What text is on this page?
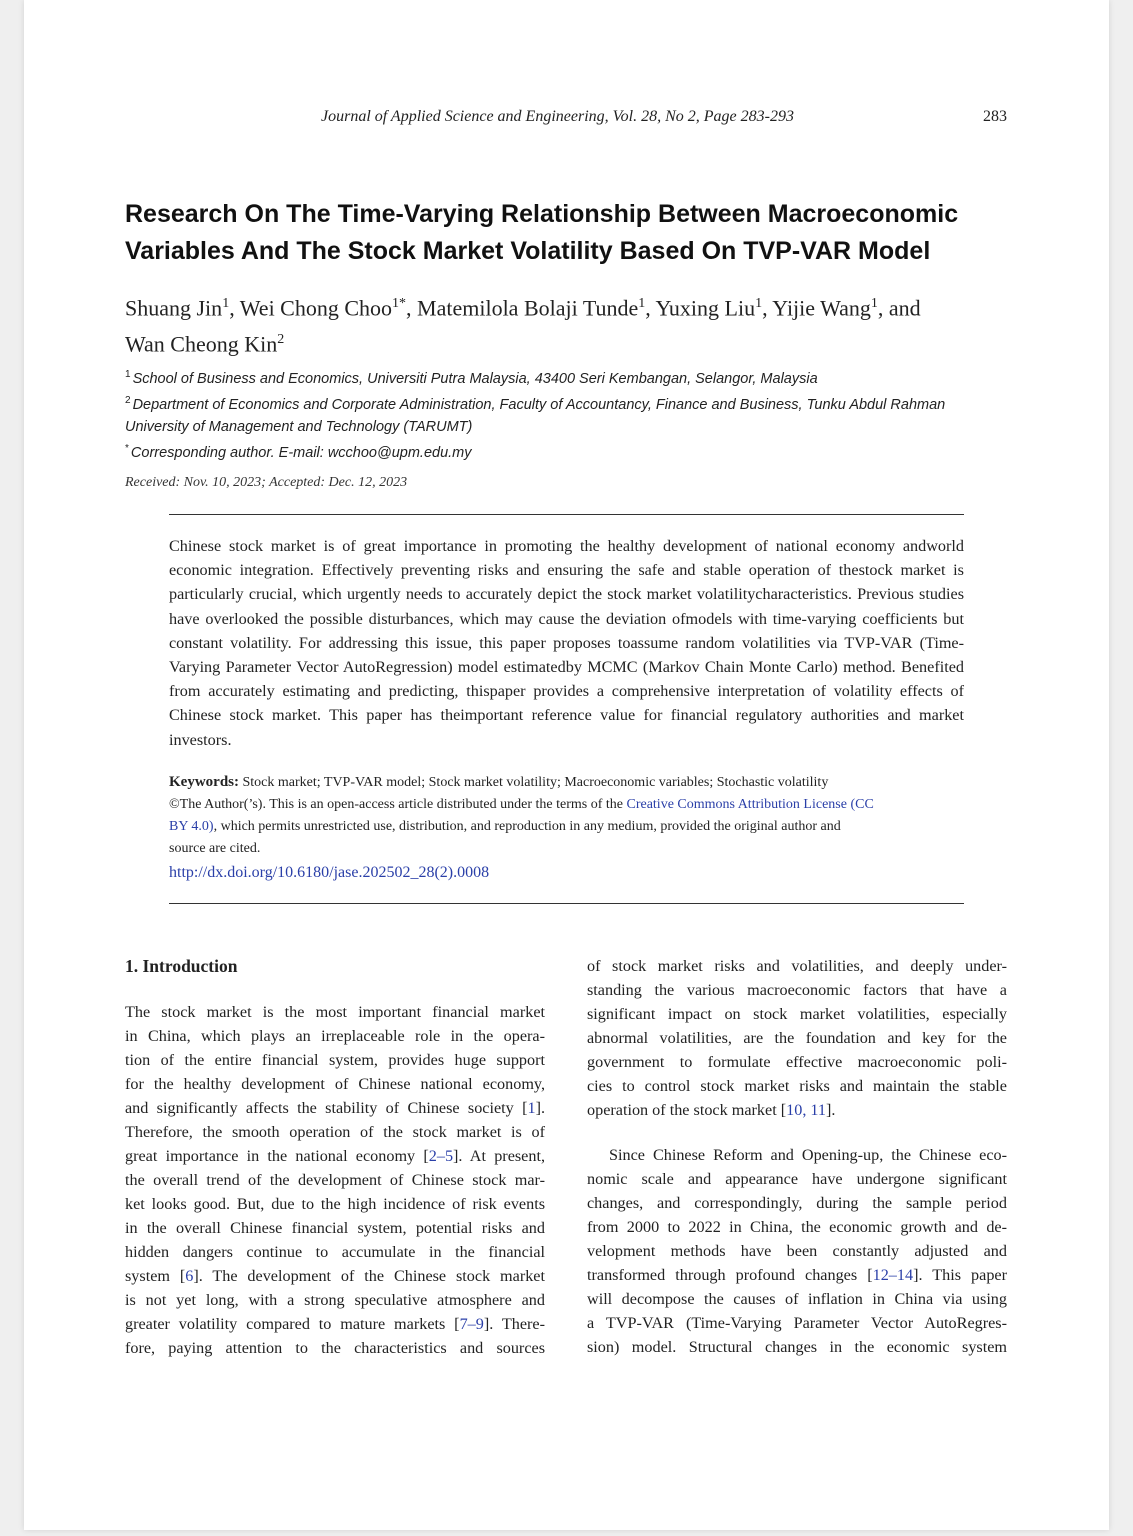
Journal of Applied Science and Engineering, Vol. 28, No 2, Page 283-293	283
Research On The Time-Varying Relationship Between Macroeconomic
Variables And The Stock Market Volatility Based On TVP-VAR Model
Shuang Jin$^1$, Wei Chong Choo$^{1*}$, Matemilola Bolaji Tunde$^1$, Yuxing Liu$^1$, Yijie Wang$^1$, and
Wan Cheong Kin$^2$
$^1$ School of Business and Economics, Universiti Putra Malaysia, 43400 Seri Kembangan, Selangor, Malaysia
$^2$ Department of Economics and Corporate Administration, Faculty of Accountancy, Finance and Business, Tunku Abdul Rahman
University of Management and Technology (TARUMT)
* Corresponding author. E-mail: wcchoo@upm.edu.my
Received: Nov. 10, 2023; Accepted: Dec. 12, 2023
Chinese stock market is of great importance in promoting the healthy development of national economy andworld economic integration. Effectively preventing risks and ensuring the safe and stable operation of thestock market is particularly crucial, which urgently needs to accurately depict the stock market volatilitycharacteristics. Previous studies have overlooked the possible disturbances, which may cause the deviation ofmodels with time-varying coefficients but constant volatility. For addressing this issue, this paper proposes toassume random volatilities via TVP-VAR (Time-Varying Parameter Vector AutoRegression) model estimatedby MCMC (Markov Chain Monte Carlo) method. Benefited from accurately estimating and predicting, thispaper provides a comprehensive interpretation of volatility effects of Chinese stock market. This paper has theimportant reference value for financial regulatory authorities and market investors.
Keywords: Stock market; TVP-VAR model; Stock market volatility; Macroeconomic variables; Stochastic volatility
©The Author(’s). This is an open-access article distributed under the terms of the Creative Commons Attribution License (CC
BY 4.0), which permits unrestricted use, distribution, and reproduction in any medium, provided the original author and
source are cited.
http://dx.doi.org/10.6180/jase.202502_28(2).0008
1. Introduction

The stock market is the most important financial market
in China, which plays an irreplaceable role in the opera-
tion of the entire financial system, provides huge support
for the healthy development of Chinese national economy,
and significantly affects the stability of Chinese society [1].
Therefore, the smooth operation of the stock market is of
great importance in the national economy [2–5]. At present,
the overall trend of the development of Chinese stock mar-
ket looks good. But, due to the high incidence of risk events
in the overall Chinese financial system, potential risks and
hidden dangers continue to accumulate in the financial
system [6]. The development of the Chinese stock market
is not yet long, with a strong speculative atmosphere and
greater volatility compared to mature markets [7–9]. There-
fore, paying attention to the characteristics and sources

of stock market risks and volatilities, and deeply under-
standing the various macroeconomic factors that have a
significant impact on stock market volatilities, especially
abnormal volatilities, are the foundation and key for the
government to formulate effective macroeconomic poli-
cies to control stock market risks and maintain the stable
operation of the stock market [10, 11].

Since Chinese Reform and Opening-up, the Chinese eco-
nomic scale and appearance have undergone significant
changes, and correspondingly, during the sample period
from 2000 to 2022 in China, the economic growth and de-
velopment methods have been constantly adjusted and
transformed through profound changes [12–14]. This paper
will decompose the causes of inflation in China via using
a TVP-VAR (Time-Varying Parameter Vector AutoRegres-
sion) model. Structural changes in the economic system
